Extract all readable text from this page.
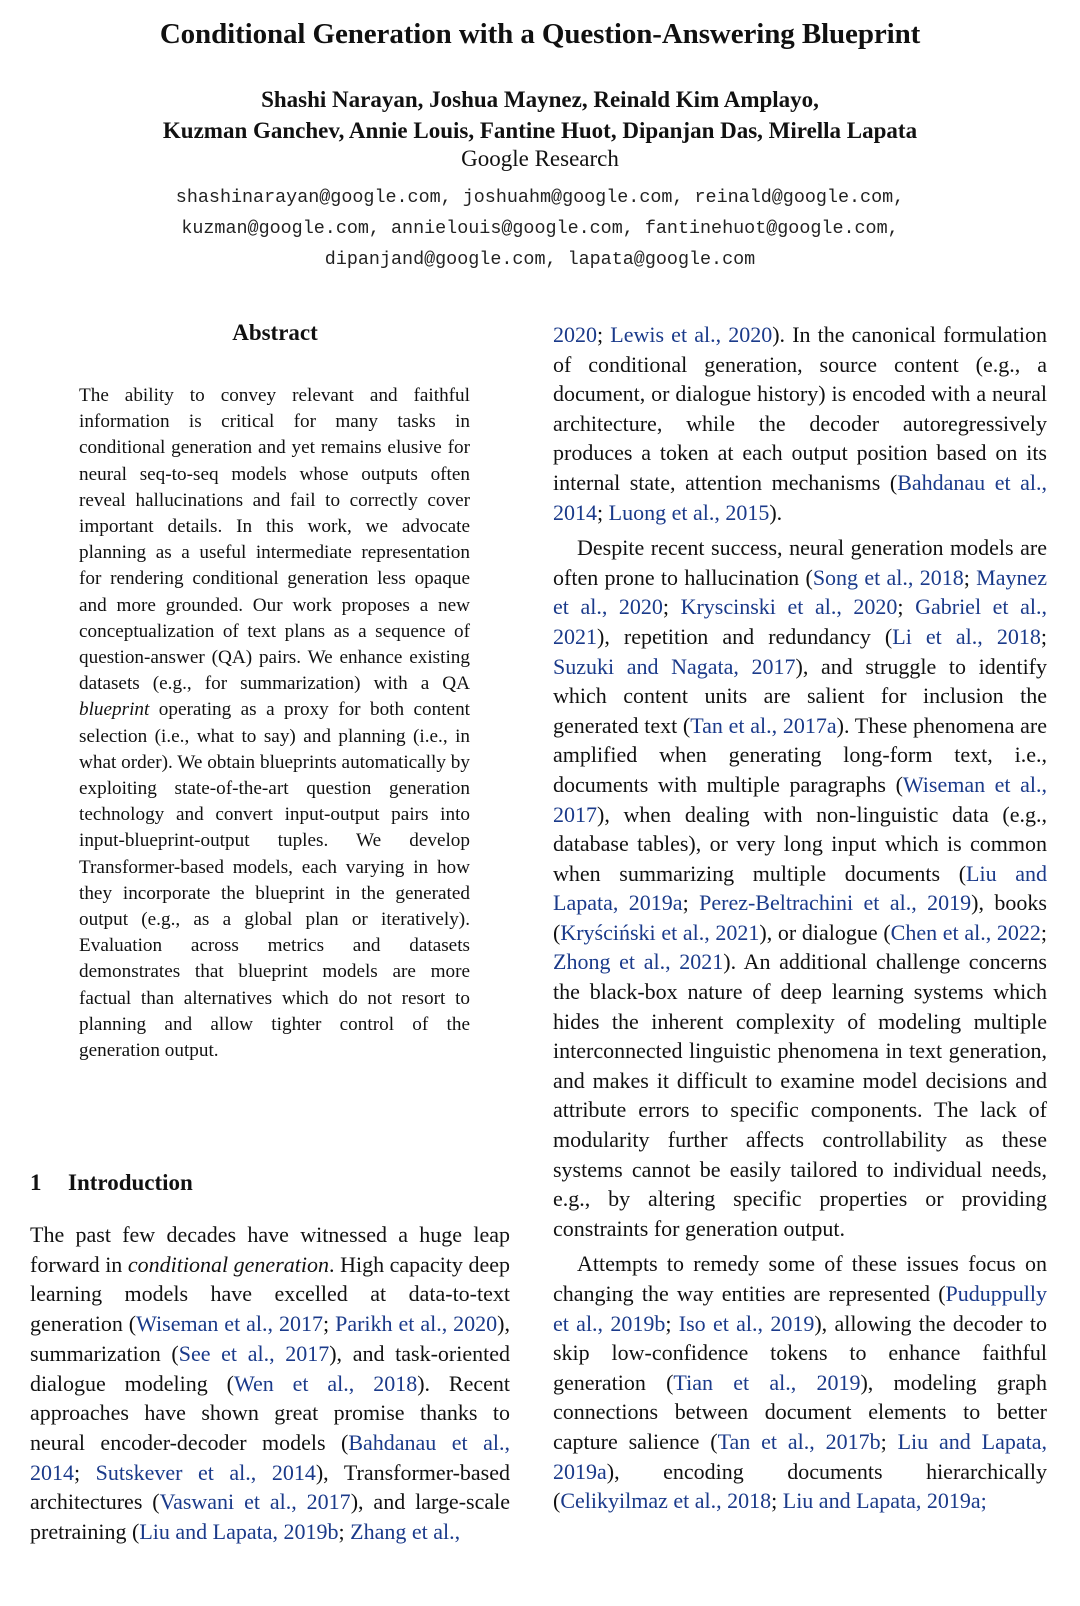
Conditional Generation with a Question-Answering Blueprint
Shashi Narayan, Joshua Maynez, Reinald Kim Amplayo,
Kuzman Ganchev, Annie Louis, Fantine Huot, Dipanjan Das, Mirella Lapata
Google Research
shashinarayan@google.com, joshuahm@google.com, reinald@google.com,
kuzman@google.com, annielouis@google.com, fantinehuot@google.com,
dipanjand@google.com, lapata@google.com
Abstract

The ability to convey relevant and faithful information is critical for many tasks in conditional generation and yet remains elusive for neural seq-to-seq models whose outputs often reveal hallucinations and fail to correctly cover important details. In this work, we advocate planning as a useful intermediate representation for rendering conditional generation less opaque and more grounded. Our work proposes a new conceptualization of text plans as a sequence of question-answer (QA) pairs. We enhance existing datasets (e.g., for summarization) with a QA blueprint operating as a proxy for both content selection (i.e., what to say) and planning (i.e., in what order). We obtain blueprints automatically by exploiting state-of-the-art question generation technology and convert input-output pairs into input-blueprint-output tuples. We develop Transformer-based models, each varying in how they incorporate the blueprint in the generated output (e.g., as a global plan or iteratively). Evaluation across metrics and datasets demonstrates that blueprint models are more factual than alternatives which do not resort to planning and allow tighter control of the generation output.

1 Introduction

The past few decades have witnessed a huge leap forward in conditional generation. High capacity deep learning models have excelled at data-to-text generation (Wiseman et al., 2017; Parikh et al., 2020), summarization (See et al., 2017), and task-oriented dialogue modeling (Wen et al., 2018). Recent approaches have shown great promise thanks to neural encoder-decoder models (Bahdanau et al., 2014; Sutskever et al., 2014), Transformer-based architectures (Vaswani et al., 2017), and large-scale pretraining (Liu and Lapata, 2019b; Zhang et al.,

2020; Lewis et al., 2020). In the canonical formulation of conditional generation, source content (e.g., a document, or dialogue history) is encoded with a neural architecture, while the decoder autoregressively produces a token at each output position based on its internal state, attention mechanisms (Bahdanau et al., 2014; Luong et al., 2015).

Despite recent success, neural generation models are often prone to hallucination (Song et al., 2018; Maynez et al., 2020; Kryscinski et al., 2020; Gabriel et al., 2021), repetition and redundancy (Li et al., 2018; Suzuki and Nagata, 2017), and struggle to identify which content units are salient for inclusion the generated text (Tan et al., 2017a). These phenomena are amplified when generating long-form text, i.e., documents with multiple paragraphs (Wiseman et al., 2017), when dealing with non-linguistic data (e.g., database tables), or very long input which is common when summarizing multiple documents (Liu and Lapata, 2019a; Perez-Beltrachini et al., 2019), books (Kryściński et al., 2021), or dialogue (Chen et al., 2022; Zhong et al., 2021). An additional challenge concerns the black-box nature of deep learning systems which hides the inherent complexity of modeling multiple interconnected linguistic phenomena in text generation, and makes it difficult to examine model decisions and attribute errors to specific components. The lack of modularity further affects controllability as these systems cannot be easily tailored to individual needs, e.g., by altering specific properties or providing constraints for generation output.

Attempts to remedy some of these issues focus on changing the way entities are represented (Puduppully et al., 2019b; Iso et al., 2019), allowing the decoder to skip low-confidence tokens to enhance faithful generation (Tian et al., 2019), modeling graph connections between document elements to better capture salience (Tan et al., 2017b; Liu and Lapata, 2019a), encoding documents hierarchically (Celikyilmaz et al., 2018; Liu and Lapata, 2019a;
